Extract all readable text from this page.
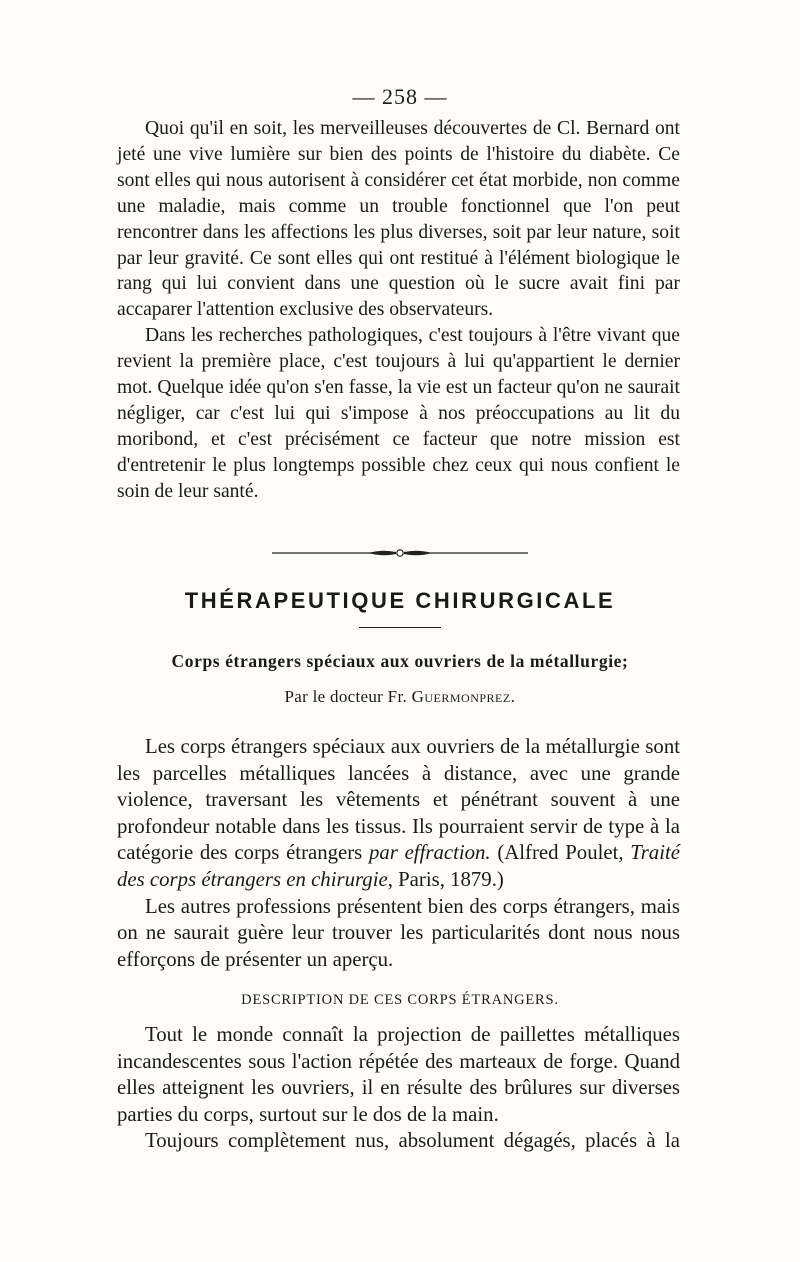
— 258 —

Quoi qu'il en soit, les merveilleuses découvertes de Cl. Bernard ont jeté une vive lumière sur bien des points de l'histoire du diabète. Ce sont elles qui nous autorisent à considérer cet état morbide, non comme une maladie, mais comme un trouble fonctionnel que l'on peut rencontrer dans les affections les plus diverses, soit par leur nature, soit par leur gravité. Ce sont elles qui ont restitué à l'élément biologique le rang qui lui convient dans une question où le sucre avait fini par accaparer l'attention exclusive des observateurs.

Dans les recherches pathologiques, c'est toujours à l'être vivant que revient la première place, c'est toujours à lui qu'appartient le dernier mot. Quelque idée qu'on s'en fasse, la vie est un facteur qu'on ne saurait négliger, car c'est lui qui s'impose à nos préoccupations au lit du moribond, et c'est précisément ce facteur que notre mission est d'entretenir le plus longtemps possible chez ceux qui nous confient le soin de leur santé.

THÉRAPEUTIQUE CHIRURGICALE
Corps étrangers spéciaux aux ouvriers de la métallurgie;
Par le docteur Fr. Guermonprez.

Les corps étrangers spéciaux aux ouvriers de la métallurgie sont les parcelles métalliques lancées à distance, avec une grande violence, traversant les vêtements et pénétrant souvent à une profondeur notable dans les tissus. Ils pourraient servir de type à la catégorie des corps étrangers par effraction. (Alfred Poulet, Traité des corps étrangers en chirurgie, Paris, 1879.)

Les autres professions présentent bien des corps étrangers, mais on ne saurait guère leur trouver les particularités dont nous nous efforçons de présenter un aperçu.

DESCRIPTION DE CES CORPS ÉTRANGERS.

Tout le monde connaît la projection de paillettes métalliques incandescentes sous l'action répétée des marteaux de forge. Quand elles atteignent les ouvriers, il en résulte des brûlures sur diverses parties du corps, surtout sur le dos de la main.

Toujours complètement nus, absolument dégagés, placés à la
